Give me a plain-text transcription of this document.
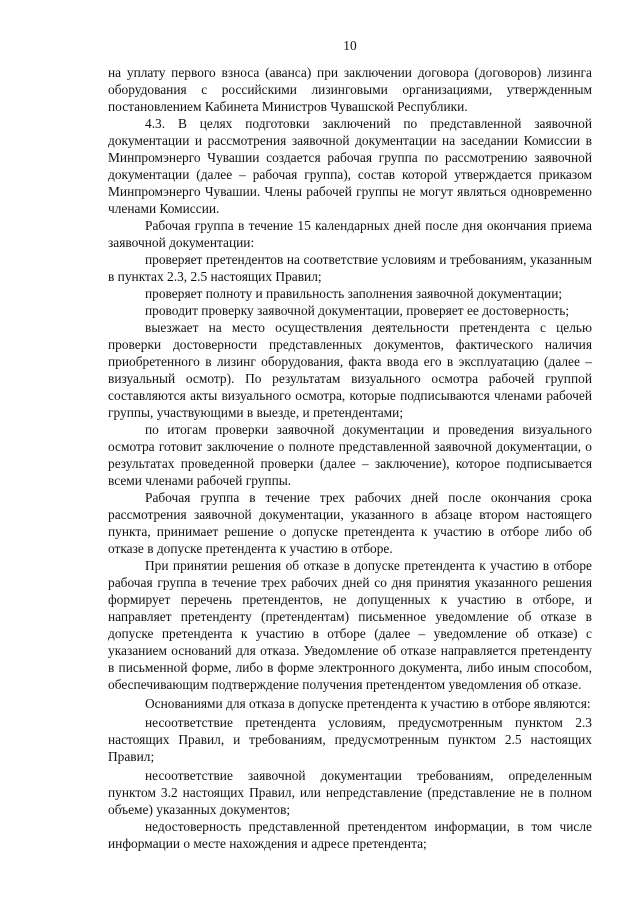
10

на уплату первого взноса (аванса) при заключении договора (договоров) лизинга оборудования с российскими лизинговыми организациями, утвержденным постановлением Кабинета Министров Чувашской Республики.

4.3. В целях подготовки заключений по представленной заявочной документации и рассмотрения заявочной документации на заседании Комиссии в Минпромэнерго Чувашии создается рабочая группа по рассмотрению заявочной документации (далее – рабочая группа), состав которой утверждается приказом Минпромэнерго Чувашии. Члены рабочей группы не могут являться одновременно членами Комиссии.

Рабочая группа в течение 15 календарных дней после дня окончания приема заявочной документации:

проверяет претендентов на соответствие условиям и требованиям, указанным в пунктах 2.3, 2.5 настоящих Правил;

проверяет полноту и правильность заполнения заявочной документации;

проводит проверку заявочной документации, проверяет ее достоверность;

выезжает на место осуществления деятельности претендента с целью проверки достоверности представленных документов, фактического наличия приобретенного в лизинг оборудования, факта ввода его в эксплуатацию (далее – визуальный осмотр). По результатам визуального осмотра рабочей группой составляются акты визуального осмотра, которые подписываются членами рабочей группы, участвующими в выезде, и претендентами;

по итогам проверки заявочной документации и проведения визуального осмотра готовит заключение о полноте представленной заявочной документации, о результатах проведенной проверки (далее – заключение), которое подписывается всеми членами рабочей группы.

Рабочая группа в течение трех рабочих дней после окончания срока рассмотрения заявочной документации, указанного в абзаце втором настоящего пункта, принимает решение о допуске претендента к участию в отборе либо об отказе в допуске претендента к участию в отборе.

При принятии решения об отказе в допуске претендента к участию в отборе рабочая группа в течение трех рабочих дней со дня принятия указанного решения формирует перечень претендентов, не допущенных к участию в отборе, и направляет претенденту (претендентам) письменное уведомление об отказе в допуске претендента к участию в отборе (далее – уведомление об отказе) с указанием оснований для отказа. Уведомление об отказе направляется претенденту в письменной форме, либо в форме электронного документа, либо иным способом, обеспечивающим подтверждение получения претендентом уведомления об отказе.

Основаниями для отказа в допуске претендента к участию в отборе являются:

несоответствие претендента условиям, предусмотренным пунктом 2.3 настоящих Правил, и требованиям, предусмотренным пунктом 2.5 настоящих Правил;

несоответствие заявочной документации требованиям, определенным пунктом 3.2 настоящих Правил, или непредставление (представление не в полном объеме) указанных документов;

недостоверность представленной претендентом информации, в том числе информации о месте нахождения и адресе претендента;
